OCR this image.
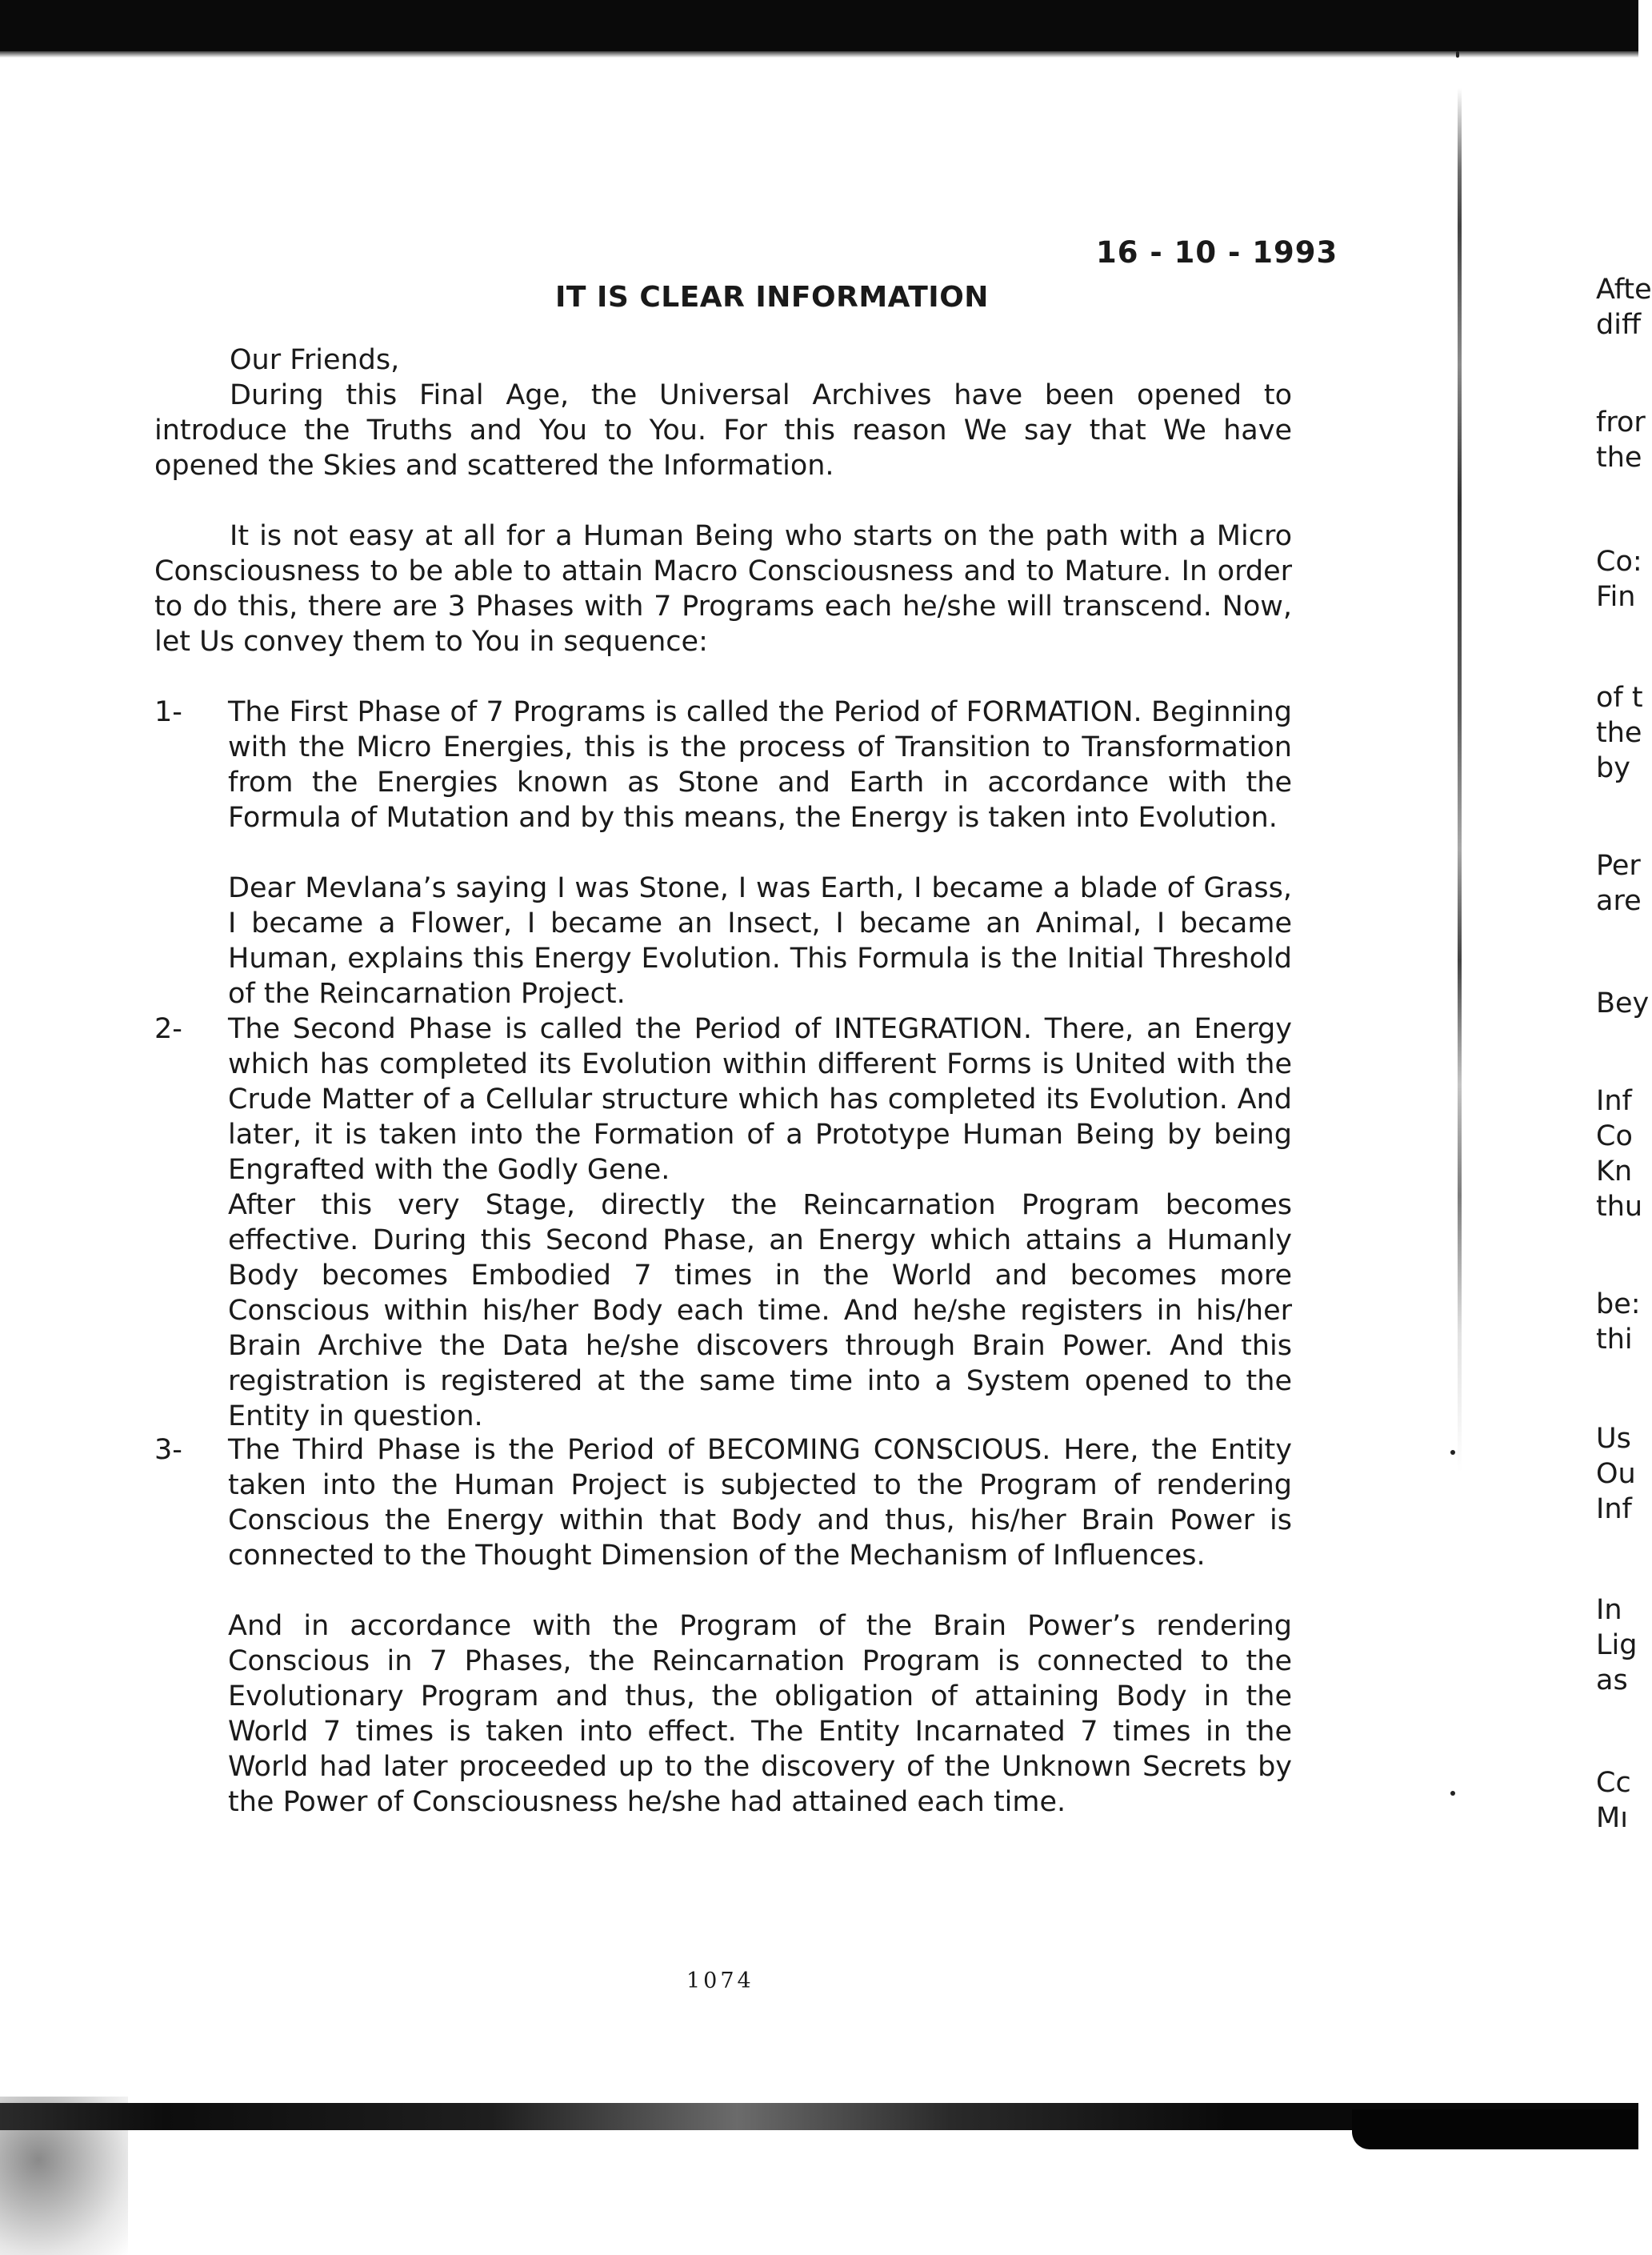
16 - 10 - 1993
IT IS CLEAR INFORMATION
Our Friends,

During this Final Age, the Universal Archives have been opened to introduce the Truths and You to You. For this reason We say that We have opened the Skies and scattered the Information.

It is not easy at all for a Human Being who starts on the path with a Micro Consciousness to be able to attain Macro Consciousness and to Mature. In order to do this, there are 3 Phases with 7 Programs each he/she will transcend. Now, let Us convey them to You in sequence:

1- The First Phase of 7 Programs is called the Period of FORMATION. Beginning with the Micro Energies, this is the process of Transition to Transformation from the Energies known as Stone and Earth in accordance with the Formula of Mutation and by this means, the Energy is taken into Evolution.

Dear Mevlana’s saying I was Stone, I was Earth, I became a blade of Grass, I became a Flower, I became an Insect, I became an Animal, I became Human, explains this Energy Evolution. This Formula is the Initial Threshold of the Reincarnation Project.

2- The Second Phase is called the Period of INTEGRATION. There, an Energy which has completed its Evolution within different Forms is United with the Crude Matter of a Cellular structure which has completed its Evolution. And later, it is taken into the Formation of a Prototype Human Being by being Engrafted with the Godly Gene.

After this very Stage, directly the Reincarnation Program becomes effective. During this Second Phase, an Energy which attains a Humanly Body becomes Embodied 7 times in the World and becomes more Conscious within his/her Body each time. And he/she registers in his/her Brain Archive the Data he/she discovers through Brain Power. And this registration is registered at the same time into a System opened to the Entity in question.

3- The Third Phase is the Period of BECOMING CONSCIOUS. Here, the Entity taken into the Human Project is subjected to the Program of rendering Conscious the Energy within that Body and thus, his/her Brain Power is connected to the Thought Dimension of the Mechanism of Influences.

And in accordance with the Program of the Brain Power’s rendering Conscious in 7 Phases, the Reincarnation Program is connected to the Evolutionary Program and thus, the obligation of attaining Body in the World 7 times is taken into effect. The Entity Incarnated 7 times in the World had later proceeded up to the discovery of the Unknown Secrets by the Power of Consciousness he/she had attained each time.

1074
Afte
diff
fror
the
Co:
Fin
of t
the
by
Per
are
Bey
Inf
Co
Kn
thu
be:
thi
Us
Ou
Inf
In
Lig
as
Cc
Mı
